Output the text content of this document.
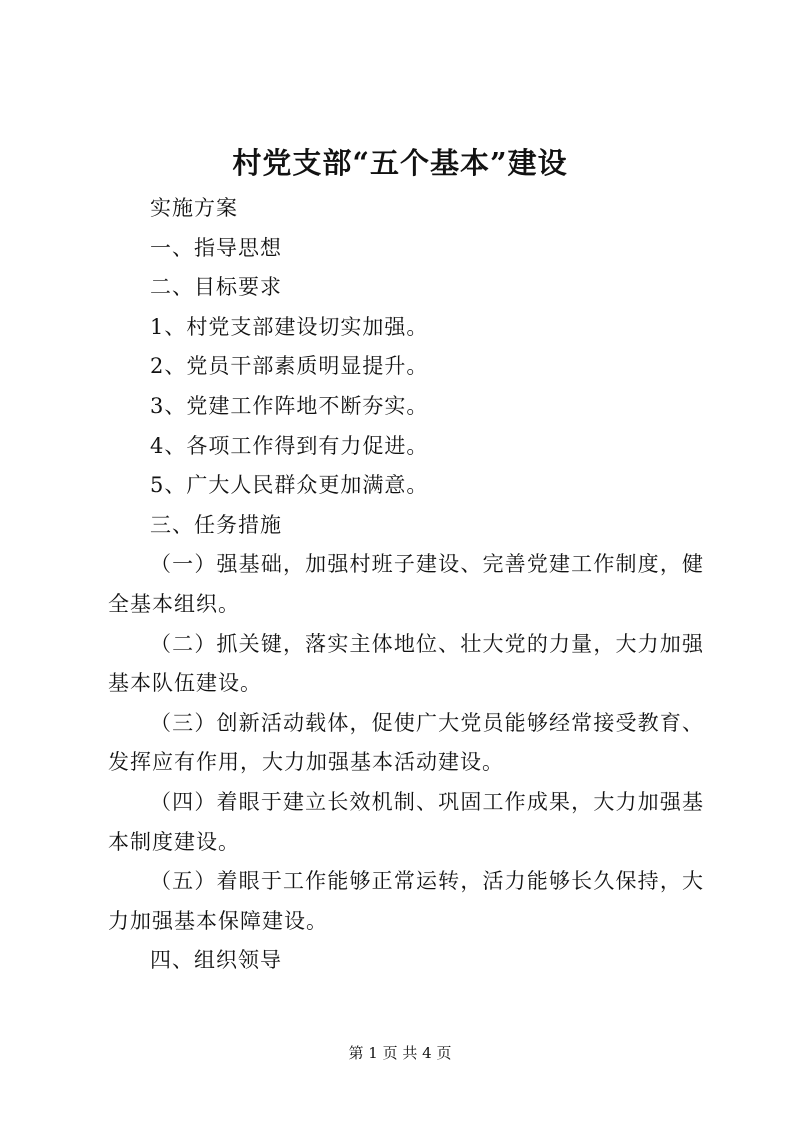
村党支部“五个基本”建设

实施方案

一、指导思想

二、目标要求

1、村党支部建设切实加强。

2、党员干部素质明显提升。

3、党建工作阵地不断夯实。

4、各项工作得到有力促进。

5、广大人民群众更加满意。

三、任务措施

（一）强基础，加强村班子建设、完善党建工作制度，健全基本组织。

（二）抓关键，落实主体地位、壮大党的力量，大力加强基本队伍建设。

（三）创新活动载体，促使广大党员能够经常接受教育、发挥应有作用，大力加强基本活动建设。

（四）着眼于建立长效机制、巩固工作成果，大力加强基本制度建设。

（五）着眼于工作能够正常运转，活力能够长久保持，大力加强基本保障建设。

四、组织领导

第 1 页 共 4 页
